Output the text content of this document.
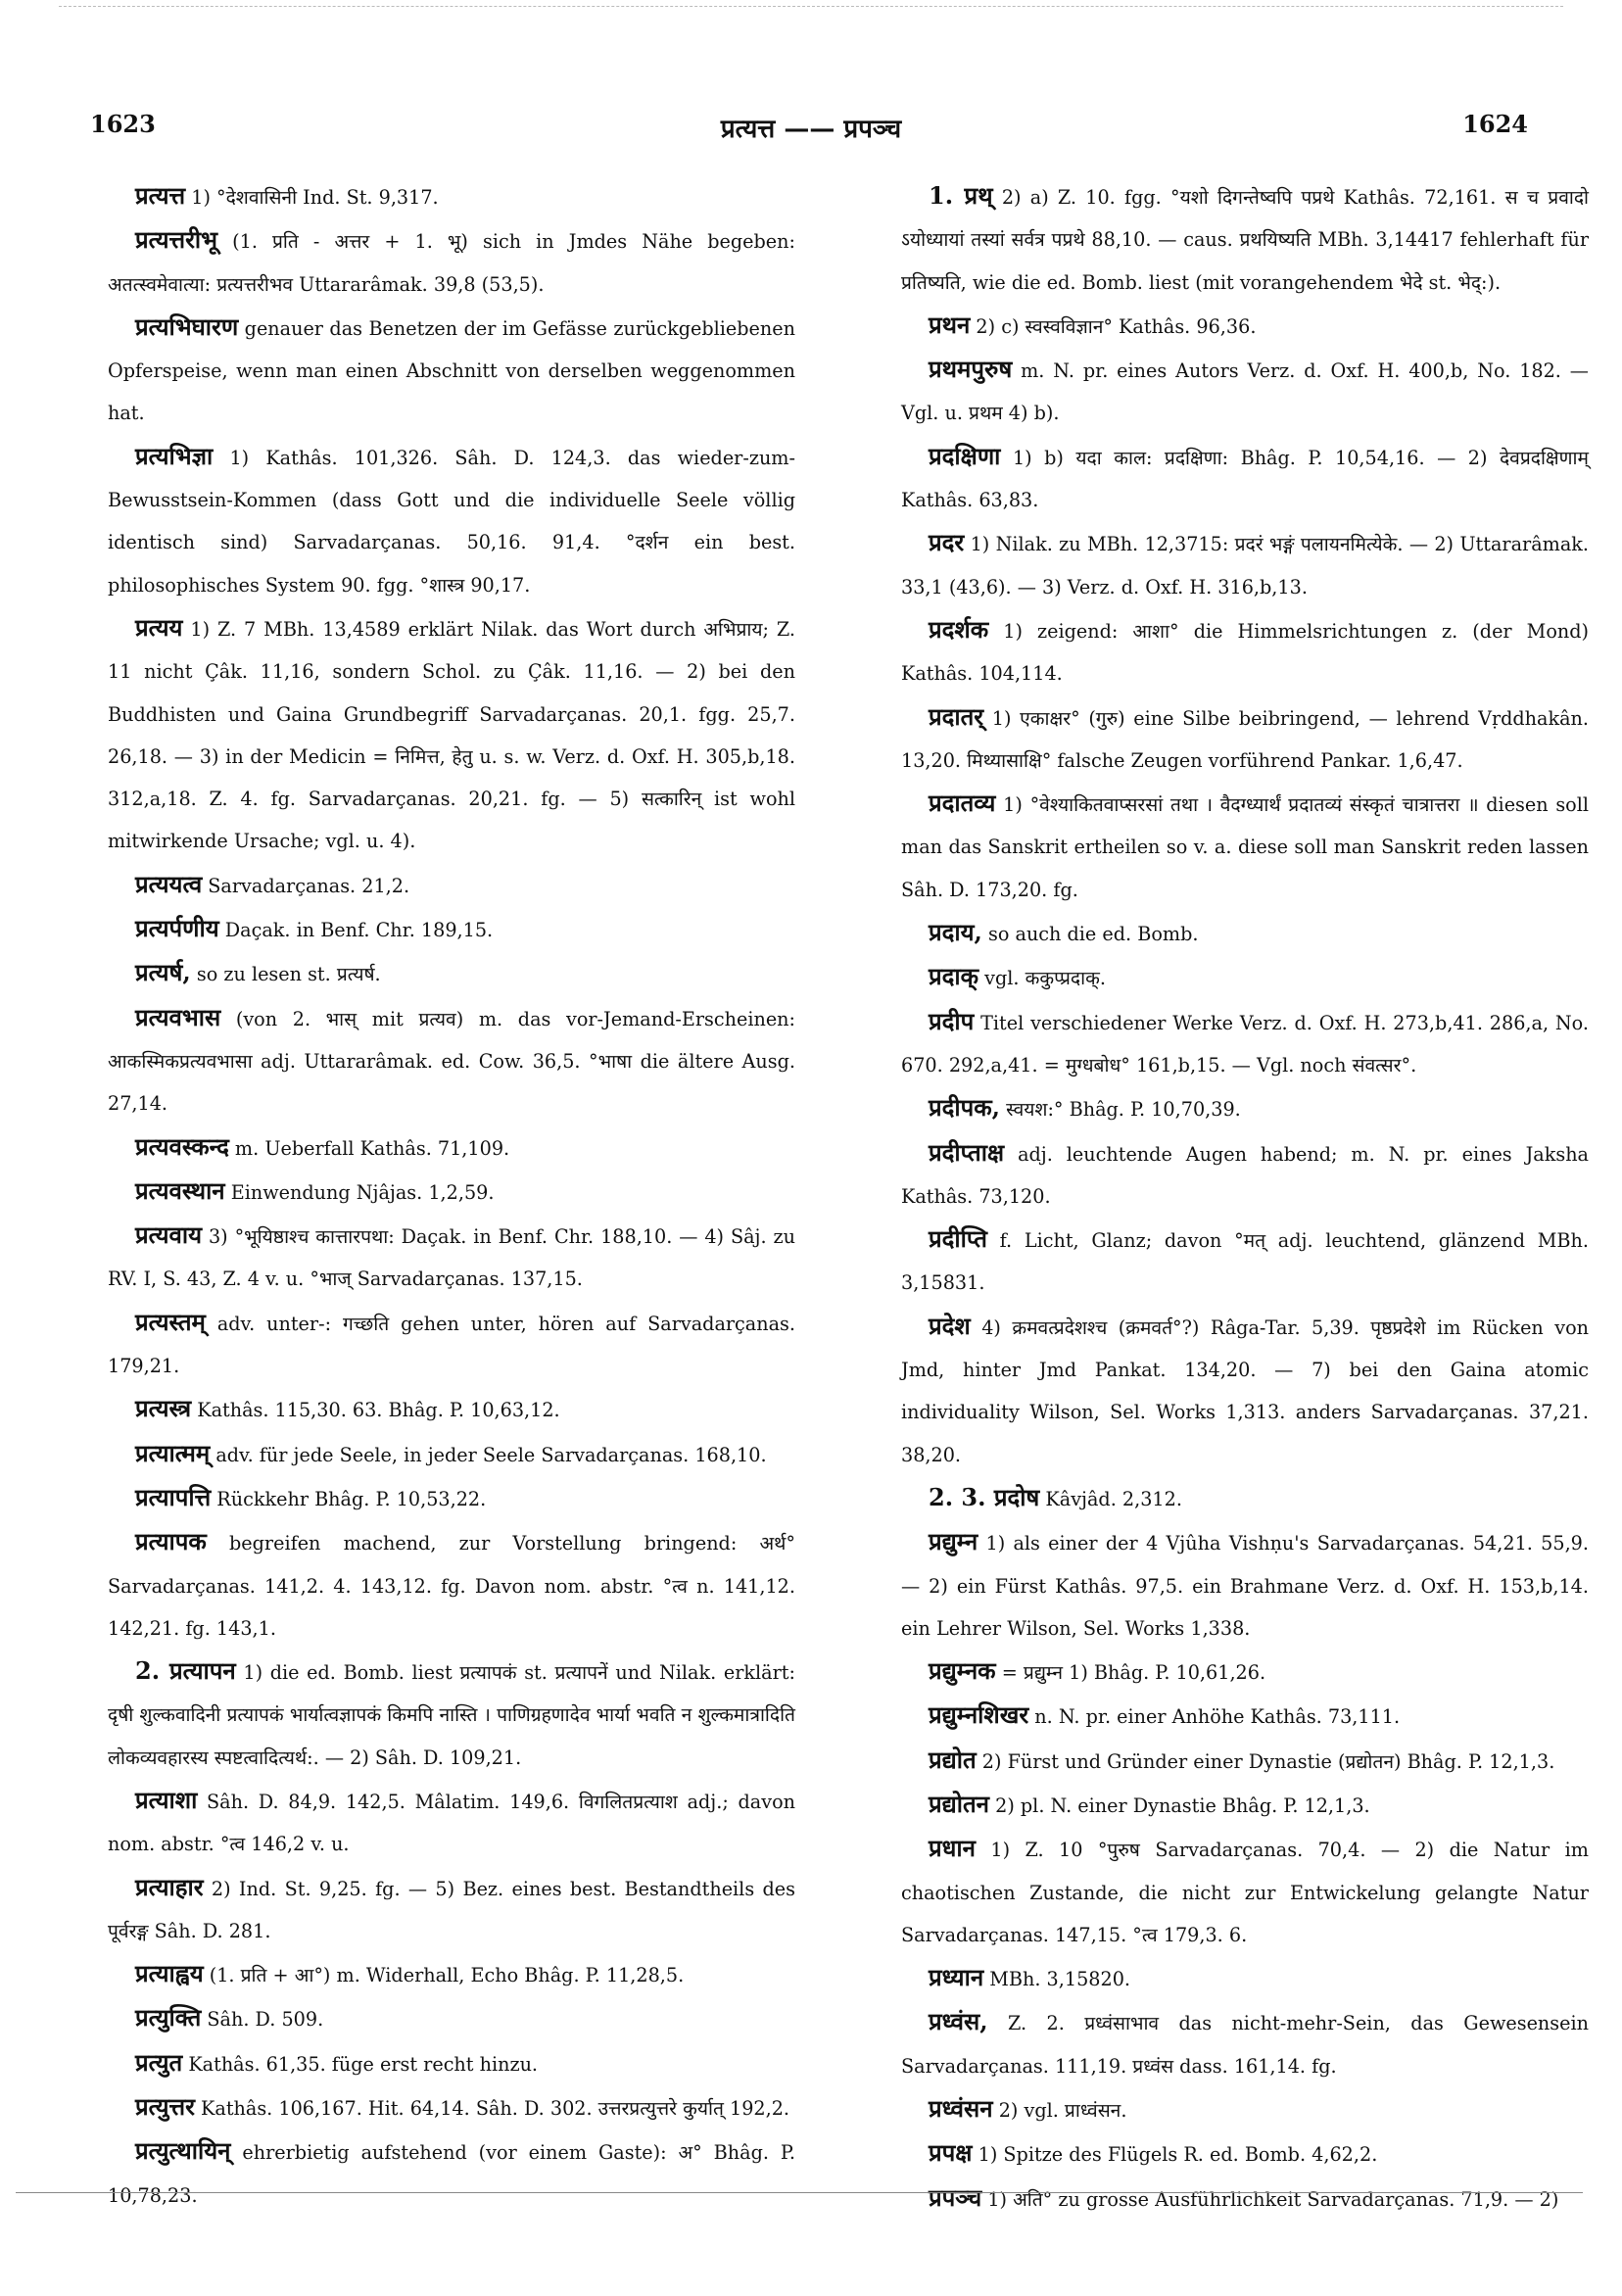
1623	प्रत्यत्त —— प्रपञ्च	1624

प्रत्यत्त 1) °देशवासिनी Ind. St. 9,317.

प्रत्यत्तरीभू (1. प्रति - अत्तर + 1. भू) sich in Jmdes Nähe begeben: अतत्स्वमेवात्या: प्रत्यत्तरीभव Uttararâmak. 39,8 (53,5).

प्रत्यभिघारण genauer das Benetzen der im Gefässe zurückgebliebenen Opferspeise, wenn man einen Abschnitt von derselben weggenommen hat.

प्रत्यभिज्ञा 1) Kathâs. 101,326. Sâh. D. 124,3. das wieder-zum-Bewusstsein-Kommen (dass Gott und die individuelle Seele völlig identisch sind) Sarvadarçanas. 50,16. 91,4. °दर्शन ein best. philosophisches System 90. fgg. °शास्त्र 90,17.

प्रत्यय 1) Z. 7 MBh. 13,4589 erklärt Nilak. das Wort durch अभिप्राय; Z. 11 nicht Çâk. 11,16, sondern Schol. zu Çâk. 11,16. — 2) bei den Buddhisten und Gaina Grundbegriff Sarvadarçanas. 20,1. fgg. 25,7. 26,18. — 3) in der Medicin = निमित्त, हेतु u. s. w. Verz. d. Oxf. H. 305,b,18. 312,a,18. Z. 4. fg. Sarvadarçanas. 20,21. fg. — 5) सत्कारिन् ist wohl mitwirkende Ursache; vgl. u. 4).

प्रत्ययत्व Sarvadarçanas. 21,2.

प्रत्यर्पणीय Daçak. in Benf. Chr. 189,15.

प्रत्यर्ष, so zu lesen st. प्रत्यर्ष.

प्रत्यवभास (von 2. भास् mit प्रत्यव) m. das vor-Jemand-Erscheinen: आकस्मिकप्रत्यवभासा adj. Uttararâmak. ed. Cow. 36,5. °भाषा die ältere Ausg. 27,14.

प्रत्यवस्कन्द m. Ueberfall Kathâs. 71,109.

प्रत्यवस्थान Einwendung Njâjas. 1,2,59.

प्रत्यवाय 3) °भूयिष्ठाश्च कात्तारपथा: Daçak. in Benf. Chr. 188,10. — 4) Sâj. zu RV. I, S. 43, Z. 4 v. u. °भाज् Sarvadarçanas. 137,15.

प्रत्यस्तम् adv. unter-: गच्छति gehen unter, hören auf Sarvadarçanas. 179,21.

प्रत्यस्त्र Kathâs. 115,30. 63. Bhâg. P. 10,63,12.

प्रत्यात्मम् adv. für jede Seele, in jeder Seele Sarvadarçanas. 168,10.

प्रत्यापत्ति Rückkehr Bhâg. P. 10,53,22.

प्रत्यापक begreifen machend, zur Vorstellung bringend: अर्थ° Sarvadarçanas. 141,2. 4. 143,12. fg. Davon nom. abstr. °त्व n. 141,12. 142,21. fg. 143,1.

2. प्रत्यापन 1) die ed. Bomb. liest प्रत्यापकं st. प्रत्यापनें und Nilak. erklärt: दृषी शुल्कवादिनी प्रत्यापकं भार्यात्वज्ञापकं किमपि नास्ति । पाणिग्रहणादेव भार्या भवति न शुल्कमात्रादिति लोकव्यवहारस्य स्पष्टत्वादित्यर्थ:. — 2) Sâh. D. 109,21.

प्रत्याशा Sâh. D. 84,9. 142,5. Mâlatim. 149,6. विगलितप्रत्याश adj.; davon nom. abstr. °त्व 146,2 v. u.

प्रत्याहार 2) Ind. St. 9,25. fg. — 5) Bez. eines best. Bestandtheils des पूर्वरङ्ग Sâh. D. 281.

प्रत्याह्वय (1. प्रति + आ°) m. Widerhall, Echo Bhâg. P. 11,28,5.

प्रत्युक्ति Sâh. D. 509.

प्रत्युत Kathâs. 61,35. füge erst recht hinzu.

प्रत्युत्तर Kathâs. 106,167. Hit. 64,14. Sâh. D. 302. उत्तरप्रत्युत्तरे कुर्यात् 192,2.

प्रत्युत्थायिन् ehrerbietig aufstehend (vor einem Gaste): अ° Bhâg. P. 10,78,23.

1. प्रथ् 2) a) Z. 10. fgg. °यशो दिगन्तेष्वपि पप्रथे Kathâs. 72,161. स च प्रवादो ऽयोध्यायां तस्यां सर्वत्र पप्रथे 88,10. — caus. प्रथयिष्यति MBh. 3,14417 fehlerhaft für प्रतिष्यति, wie die ed. Bomb. liest (mit vorangehendem भेदे st. भेद्:).

प्रथन 2) c) स्वस्वविज्ञान° Kathâs. 96,36.

प्रथमपुरुष m. N. pr. eines Autors Verz. d. Oxf. H. 400,b, No. 182. — Vgl. u. प्रथम 4) b).

प्रदक्षिणा 1) b) यदा काल: प्रदक्षिणा: Bhâg. P. 10,54,16. — 2) देवप्रदक्षिणाम् Kathâs. 63,83.

प्रदर 1) Nilak. zu MBh. 12,3715: प्रदरं भङ्गं पलायनमित्येके. — 2) Uttararâmak. 33,1 (43,6). — 3) Verz. d. Oxf. H. 316,b,13.

प्रदर्शक 1) zeigend: आशा° die Himmelsrichtungen z. (der Mond) Kathâs. 104,114.

प्रदातर् 1) एकाक्षर° (गुरु) eine Silbe beibringend, — lehrend Vṛddhakân. 13,20. मिथ्यासाक्षि° falsche Zeugen vorführend Pankar. 1,6,47.

प्रदातव्य 1) °वेश्याकितवाप्सरसां तथा । वैदग्ध्यार्थं प्रदातव्यं संस्कृतं चात्रात्तरा ॥ diesen soll man das Sanskrit ertheilen so v. a. diese soll man Sanskrit reden lassen Sâh. D. 173,20. fg.

प्रदाय, so auch die ed. Bomb.

प्रदाक् vgl. ककुप्प्रदाक्.

प्रदीप Titel verschiedener Werke Verz. d. Oxf. H. 273,b,41. 286,a, No. 670. 292,a,41. = मुग्धबोध° 161,b,15. — Vgl. noch संवत्सर°.

प्रदीपक, स्वयश:° Bhâg. P. 10,70,39.

प्रदीप्ताक्ष adj. leuchtende Augen habend; m. N. pr. eines Jaksha Kathâs. 73,120.

प्रदीप्ति f. Licht, Glanz; davon °मत् adj. leuchtend, glänzend MBh. 3,15831.

प्रदेश 4) क्रमवत्प्रदेशश्च (क्रमवर्त°?) Râga-Tar. 5,39. पृष्ठप्रदेशे im Rücken von Jmd, hinter Jmd Pankat. 134,20. — 7) bei den Gaina atomic individuality Wilson, Sel. Works 1,313. anders Sarvadarçanas. 37,21. 38,20.

2. 3. प्रदोष Kâvjâd. 2,312.

प्रद्युम्न 1) als einer der 4 Vjûha Vishṇu's Sarvadarçanas. 54,21. 55,9. — 2) ein Fürst Kathâs. 97,5. ein Brahmane Verz. d. Oxf. H. 153,b,14. ein Lehrer Wilson, Sel. Works 1,338.

प्रद्युम्नक = प्रद्युम्न 1) Bhâg. P. 10,61,26.

प्रद्युम्नशिखर n. N. pr. einer Anhöhe Kathâs. 73,111.

प्रद्योत 2) Fürst und Gründer einer Dynastie (प्रद्योतन) Bhâg. P. 12,1,3.

प्रद्योतन 2) pl. N. einer Dynastie Bhâg. P. 12,1,3.

प्रधान 1) Z. 10 °पुरुष Sarvadarçanas. 70,4. — 2) die Natur im chaotischen Zustande, die nicht zur Entwickelung gelangte Natur Sarvadarçanas. 147,15. °त्व 179,3. 6.

प्रध्यान MBh. 3,15820.

प्रध्वंस, Z. 2. प्रध्वंसाभाव das nicht-mehr-Sein, das Gewesensein Sarvadarçanas. 111,19. प्रध्वंस dass. 161,14. fg.

प्रध्वंसन 2) vgl. प्राध्वंसन.

प्रपक्ष 1) Spitze des Flügels R. ed. Bomb. 4,62,2.

प्रपञ्च 1) अति° zu grosse Ausführlichkeit Sarvadarçanas. 71,9. — 2)
